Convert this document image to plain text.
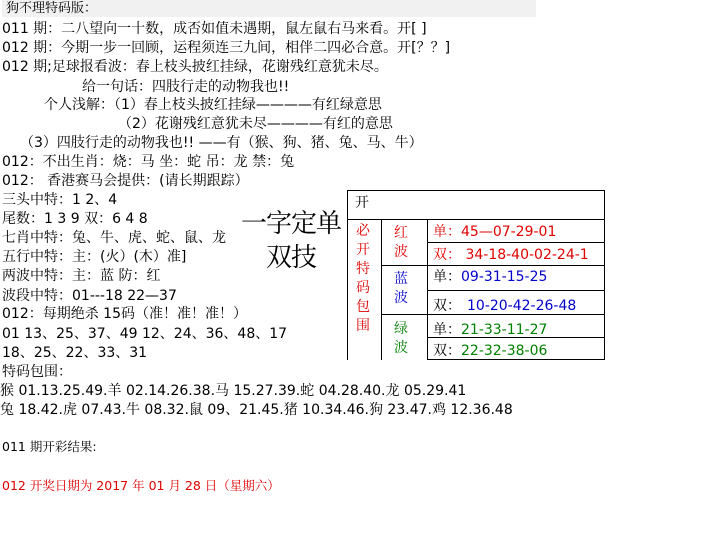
狗不理特码版：
011 期：二八望向一十数，成否如值未遇期，鼠左鼠右马来看。开[ ]
012 期：今期一步一回顾，运程须连三九间，相伴二四必合意。开[？？]
012 期;足球报看波：春上枝头披红挂绿，花谢残红意犹未尽。
给一句话：四肢行走的动物我也!!
个人浅解：（1）春上枝头披红挂绿————有红绿意思
（2）花谢残红意犹未尽————有红的意思
（3）四肢行走的动物我也!! ——有（猴、狗、猪、兔、马、牛）
012：不出生肖：烧：马 坐：蛇 吊：龙 禁：兔
012： 香港赛马会提供：(请长期跟踪）
三头中特：1 2、4
尾数：1 3 9 双：6 4 8
七肖中特：兔、牛、虎、蛇、鼠、龙
五行中特：主：(火）(木）准]
两波中特：主：蓝 防：红
波段中特：01---18 22—37
012：每期绝杀 15码（准！准！准！）
01 13、25、37、49 12、24、36、48、17
18、25、22、33、31
特码包围：
猴 01.13.25.49.羊 02.14.26.38.马 15.27.39.蛇 04.28.40.龙 05.29.41
兔 18.42.虎 07.43.牛 08.32.鼠 09、21.45.猪 10.34.46.狗 23.47.鸡 12.36.48
011 期开彩结果:
012 开奖日期为 2017 年 01 月 28 日（星期六）
一字定单双技
开
必开特码包围
红波
蓝波
绿波
单：45—07-29-01
双： 34-18-40-02-24-1
单：09-31-15-25
双： 10-20-42-26-48
单：21-33-11-27
双：22-32-38-06
